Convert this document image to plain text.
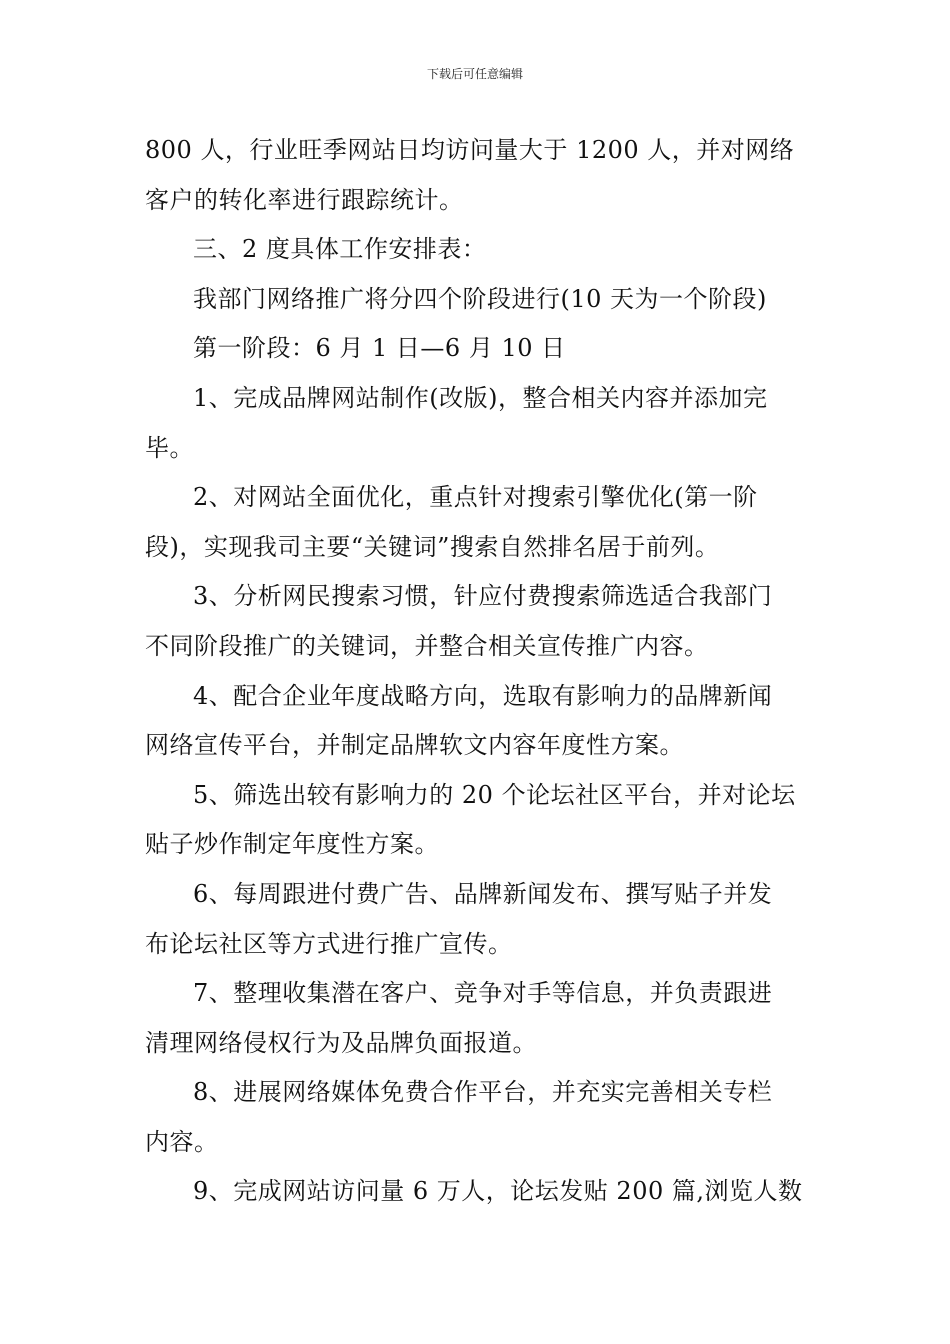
下载后可任意编辑
800 人，行业旺季网站日均访问量大于 1200 人，并对网络
客户的转化率进行跟踪统计。
三、2 度具体工作安排表：
我部门网络推广将分四个阶段进行(10 天为一个阶段)
第一阶段：6 月 1 日—6 月 10 日
1、完成品牌网站制作(改版)，整合相关内容并添加完
毕。
2、对网站全面优化，重点针对搜索引擎优化(第一阶
段)，实现我司主要“关键词”搜索自然排名居于前列。
3、分析网民搜索习惯，针应付费搜索筛选适合我部门
不同阶段推广的关键词，并整合相关宣传推广内容。
4、配合企业年度战略方向，选取有影响力的品牌新闻
网络宣传平台，并制定品牌软文内容年度性方案。
5、筛选出较有影响力的 20 个论坛社区平台，并对论坛
贴子炒作制定年度性方案。
6、每周跟进付费广告、品牌新闻发布、撰写贴子并发
布论坛社区等方式进行推广宣传。
7、整理收集潜在客户、竞争对手等信息，并负责跟进
清理网络侵权行为及品牌负面报道。
8、进展网络媒体免费合作平台，并充实完善相关专栏
内容。
9、完成网站访问量 6 万人，论坛发贴 200 篇,浏览人数
